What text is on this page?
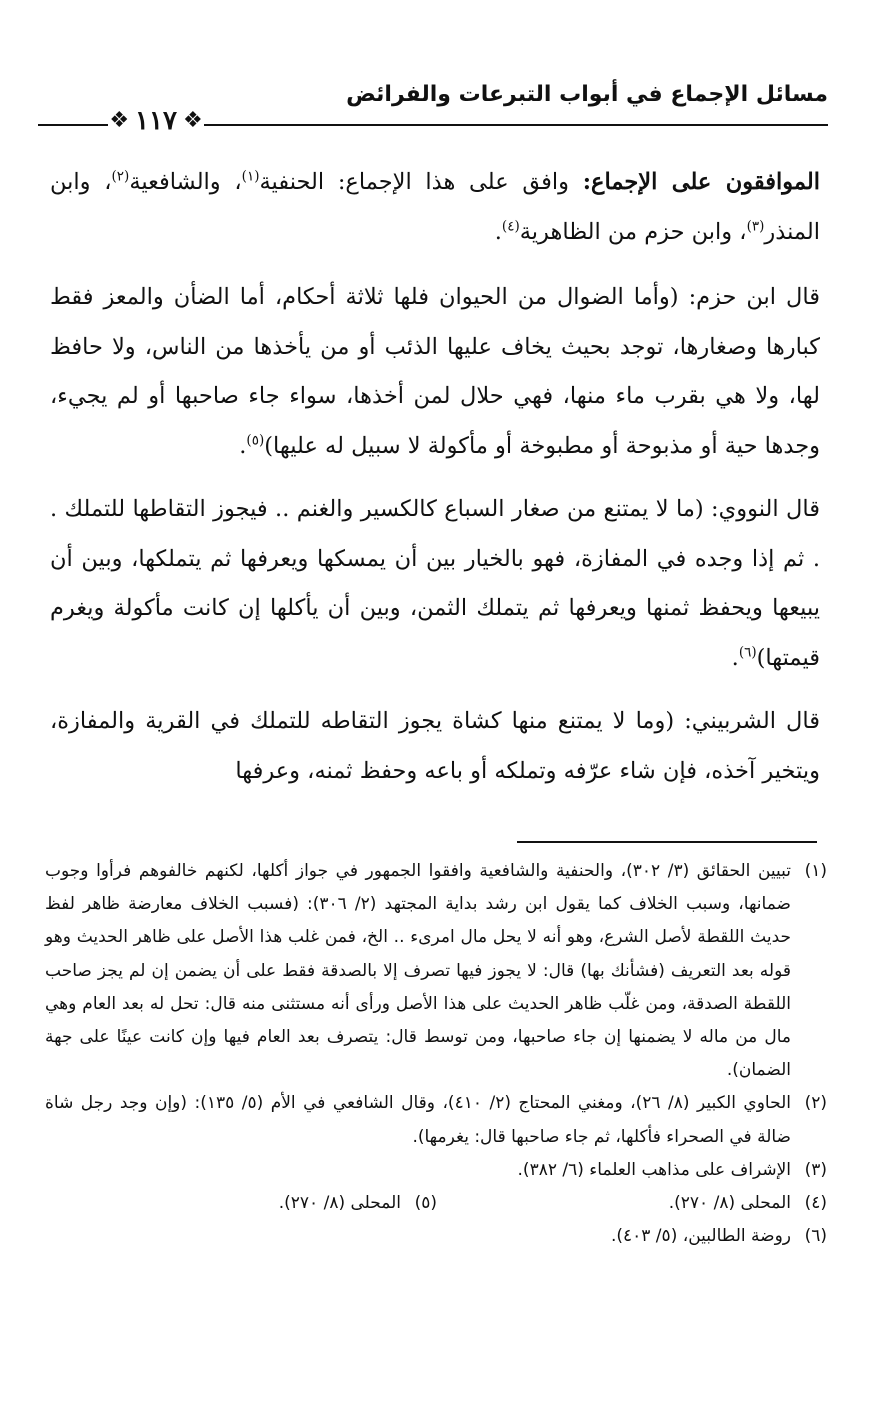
مسائل الإجماع في أبواب التبرعات والفرائض
❖ ١١٧ ❖

الموافقون على الإجماع: وافق على هذا الإجماع: الحنفية$^{(١)}$، والشافعية$^{(٢)}$، وابن المنذر$^{(٣)}$، وابن حزم من الظاهرية$^{(٤)}$.

قال ابن حزم: (وأما الضوال من الحيوان فلها ثلاثة أحكام، أما الضأن والمعز فقط كبارها وصغارها، توجد بحيث يخاف عليها الذئب أو من يأخذها من الناس، ولا حافظ لها، ولا هي بقرب ماء منها، فهي حلال لمن أخذها، سواء جاء صاحبها أو لم يجيء، وجدها حية أو مذبوحة أو مطبوخة أو مأكولة لا سبيل له عليها)$^{(٥)}$.

قال النووي: (ما لا يمتنع من صغار السباع كالكسير والغنم .. فيجوز التقاطها للتملك . . ثم إذا وجده في المفازة، فهو بالخيار بين أن يمسكها ويعرفها ثم يتملكها، وبين أن يبيعها ويحفظ ثمنها ويعرفها ثم يتملك الثمن، وبين أن يأكلها إن كانت مأكولة ويغرم قيمتها)$^{(٦)}$.

قال الشربيني: (وما لا يمتنع منها كشاة يجوز التقاطه للتملك في القرية والمفازة، ويتخير آخذه، فإن شاء عرّفه وتملكه أو باعه وحفظ ثمنه، وعرفها

(١)
تبيين الحقائق (٣/ ٣٠٢)، والحنفية والشافعية وافقوا الجمهور في جواز أكلها، لكنهم خالفوهم فرأوا وجوب ضمانها، وسبب الخلاف كما يقول ابن رشد بداية المجتهد (٢/ ٣٠٦): (فسبب الخلاف معارضة ظاهر لفظ حديث اللقطة لأصل الشرع، وهو أنه لا يحل مال امرىء .. الخ، فمن غلب هذا الأصل على ظاهر الحديث وهو قوله بعد التعريف (فشأنك بها) قال: لا يجوز فيها تصرف إلا بالصدقة فقط على أن يضمن إن لم يجز صاحب اللقطة الصدقة، ومن غلّب ظاهر الحديث على هذا الأصل ورأى أنه مستثنى منه قال: تحل له بعد العام وهي مال من ماله لا يضمنها إن جاء صاحبها، ومن توسط قال: يتصرف بعد العام فيها وإن كانت عينًا على جهة الضمان).
(٢)
الحاوي الكبير (٨/ ٢٦)، ومغني المحتاج (٢/ ٤١٠)، وقال الشافعي في الأم (٥/ ١٣٥): (وإن وجد رجل شاة ضالة في الصحراء فأكلها، ثم جاء صاحبها قال: يغرمها).
(٣)
الإشراف على مذاهب العلماء (٦/ ٣٨٢).
(٤)
المحلى (٨/ ٢٧٠).
(٥)
المحلى (٨/ ٢٧٠).
(٦)
روضة الطالبين، (٥/ ٤٠٣).
